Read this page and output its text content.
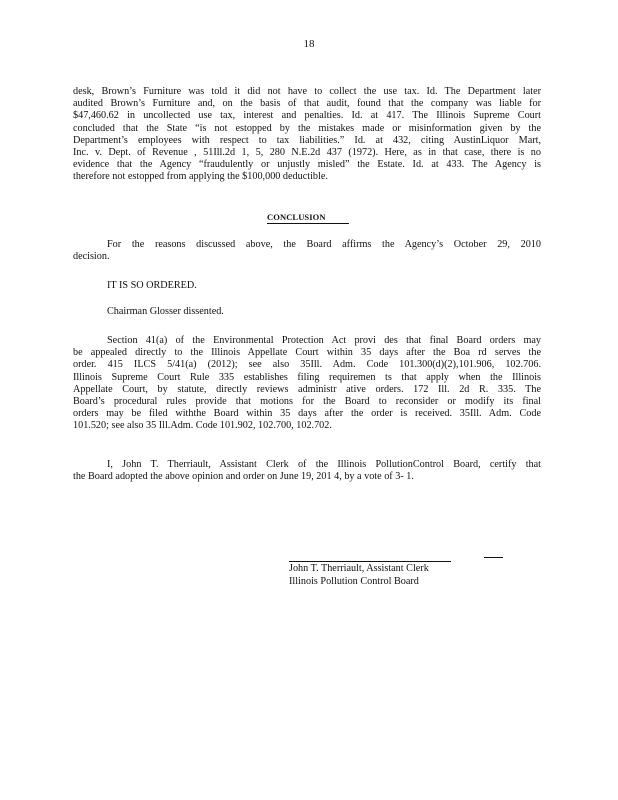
18
desk, Brown’s Furniture was told it did not have to collect the use tax. Id. The Department later
audited Brown’s Furniture and, on the basis of that audit, found that the company was liable for
$47,460.62 in uncollected use tax, interest and penalties. Id. at 417. The Illinois Supreme Court
concluded that the State “is not estopped by the mistakes made or misinformation given by the
Department’s employees with respect to tax liabilities.” Id. at 432, citing AustinLiquor Mart,
Inc. v. Dept. of Revenue , 51Ill.2d 1, 5, 280 N.E.2d 437 (1972). Here, as in that case, there is no
evidence that the Agency “fraudulently or unjustly misled” the Estate. Id. at 433. The Agency is
therefore not estopped from applying the $100,000 deductible.
CONCLUSION
For the reasons discussed above, the Board affirms the Agency’s October 29, 2010
decision.
IT IS SO ORDERED.
Chairman Glosser dissented.
Section 41(a) of the Environmental Protection Act provi des that final Board orders may
be appealed directly to the Illinois Appellate Court within 35 days after the Boa rd serves the
order. 415 ILCS 5/41(a) (2012); see also 35Ill. Adm. Code 101.300(d)(2),101.906, 102.706.
Illinois Supreme Court Rule 335 establishes filing requiremen ts that apply when the Illinois
Appellate Court, by statute, directly reviews administr ative orders. 172 Ill. 2d R. 335. The
Board’s procedural rules provide that motions for the Board to reconsider or modify its final
orders may be filed withthe Board within 35 days after the order is received. 35Ill. Adm. Code
101.520; see also 35 Ill.Adm. Code 101.902, 102.700, 102.702.
I, John T. Therriault, Assistant Clerk of the Illinois PollutionControl Board, certify that
the Board adopted the above opinion and order on June 19, 201 4, by a vote of 3- 1.
John T. Therriault, Assistant Clerk
Illinois Pollution Control Board
